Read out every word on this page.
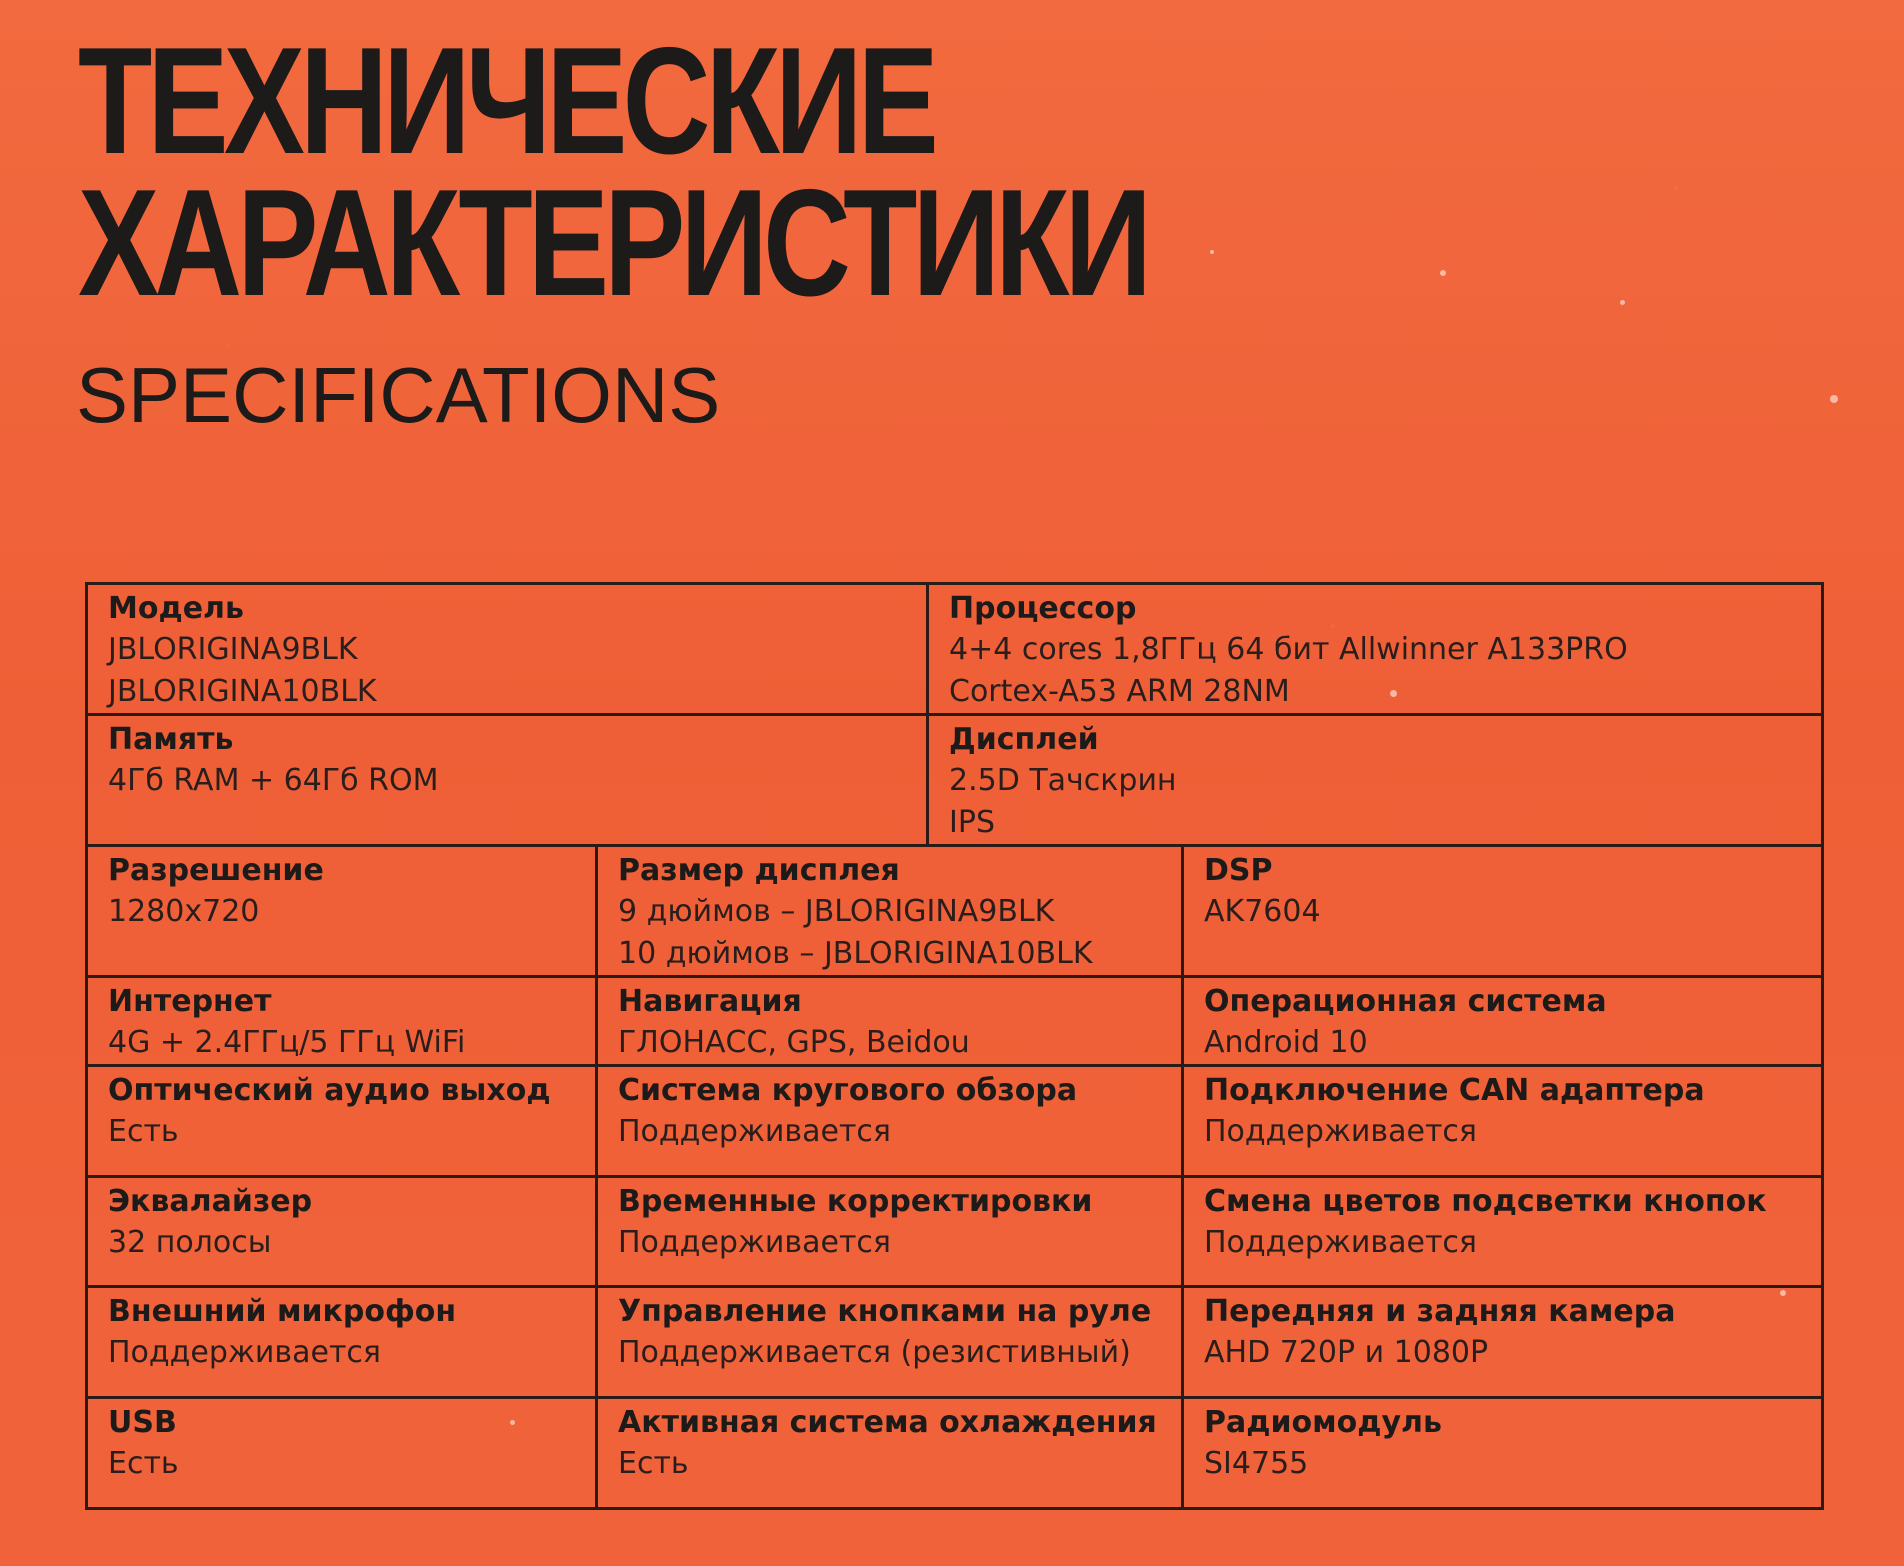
ТЕХНИЧЕСКИЕ
ХАРАКТЕРИСТИКИ
SPECIFICATIONS
Модель
JBLORIGINA9BLK
JBLORIGINA10BLK		Процессор
4+4 cores 1,8ГГц 64 бит Allwinner A133PRO
Cortex-A53 ARM 28NM	

Память
4Гб RAM + 64Гб ROM		Дисплей
2.5D Тачскрин
IPS	

Разрешение
1280x720	Размер дисплея
9 дюймов – JBLORIGINA9BLK
10 дюймов – JBLORIGINA10BLK		DSP
AK7604

Интернет
4G + 2.4ГГц/5 ГГц WiFi	Навигация
ГЛОНАСС, GPS, Beidou		Операционная система
Android 10

Оптический аудио выход
Есть	Система кругового обзора
Поддерживается		Подключение CAN адаптера
Поддерживается

Эквалайзер
32 полосы	Временные корректировки
Поддерживается		Смена цветов подсветки кнопок
Поддерживается

Внешний микрофон
Поддерживается	Управление кнопками на руле
Поддерживается (резистивный)		Передняя и задняя камера
AHD 720P и 1080P

USB
Есть	Активная система охлаждения
Есть		Радиомодуль
SI4755
